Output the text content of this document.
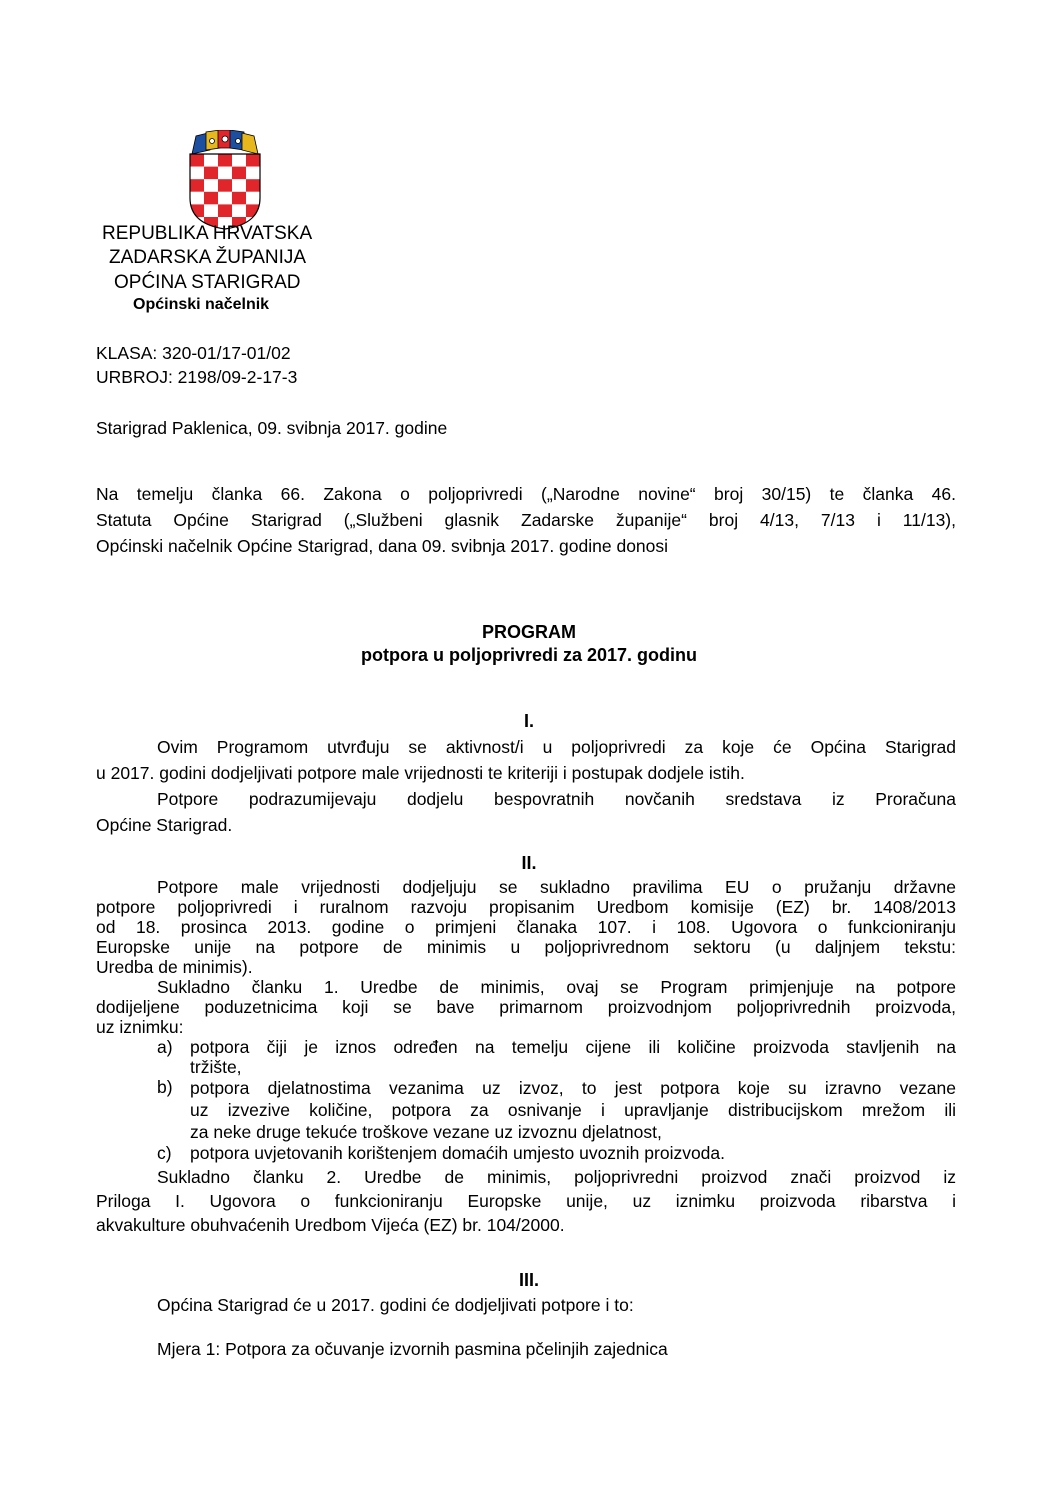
REPUBLIKA HRVATSKA
ZADARSKA ŽUPANIJA
OPĆINA STARIGRAD
Općinski načelnik
KLASA: 320-01/17-01/02
URBROJ: 2198/09-2-17-3
Starigrad Paklenica, 09. svibnja 2017. godine
Na temelju članka 66. Zakona o poljoprivredi („Narodne novine“ broj 30/15) te članka 46.
Statuta Općine Starigrad („Službeni glasnik Zadarske županije“ broj 4/13, 7/13 i 11/13),
Općinski načelnik Općine Starigrad, dana 09. svibnja 2017. godine donosi
PROGRAM
potpora u poljoprivredi za 2017. godinu
I.
Ovim Programom utvrđuju se aktivnost/i u poljoprivredi za koje će Općina Starigrad
u 2017. godini dodjeljivati potpore male vrijednosti te kriteriji i postupak dodjele istih.
Potpore podrazumijevaju dodjelu bespovratnih novčanih sredstava iz Proračuna
Općine Starigrad.
II.
Potpore male vrijednosti dodjeljuju se sukladno pravilima EU o pružanju državne
potpore poljoprivredi i ruralnom razvoju propisanim Uredbom komisije (EZ) br. 1408/2013
od 18. prosinca 2013. godine o primjeni članaka 107. i 108. Ugovora o funkcioniranju
Europske unije na potpore de minimis u poljoprivrednom sektoru (u daljnjem tekstu:
Uredba de minimis).
Sukladno članku 1. Uredbe de minimis, ovaj se Program primjenjuje na potpore
dodijeljene poduzetnicima koji se bave primarnom proizvodnjom poljoprivrednih proizvoda,
uz iznimku:
a) potpora čiji je iznos određen na temelju cijene ili količine proizvoda stavljenih na
tržište,
b) potpora djelatnostima vezanima uz izvoz, to jest potpora koje su izravno vezane
uz izvezive količine, potpora za osnivanje i upravljanje distribucijskom mrežom ili
za neke druge tekuće troškove vezane uz izvoznu djelatnost,
c) potpora uvjetovanih korištenjem domaćih umjesto uvoznih proizvoda.
Sukladno članku 2. Uredbe de minimis, poljoprivredni proizvod znači proizvod iz
Priloga I. Ugovora o funkcioniranju Europske unije, uz iznimku proizvoda ribarstva i
akvakulture obuhvaćenih Uredbom Vijeća (EZ) br. 104/2000.
III.
Općina Starigrad će u 2017. godini će dodjeljivati potpore i to:
Mjera 1: Potpora za očuvanje izvornih pasmina pčelinjih zajednica
